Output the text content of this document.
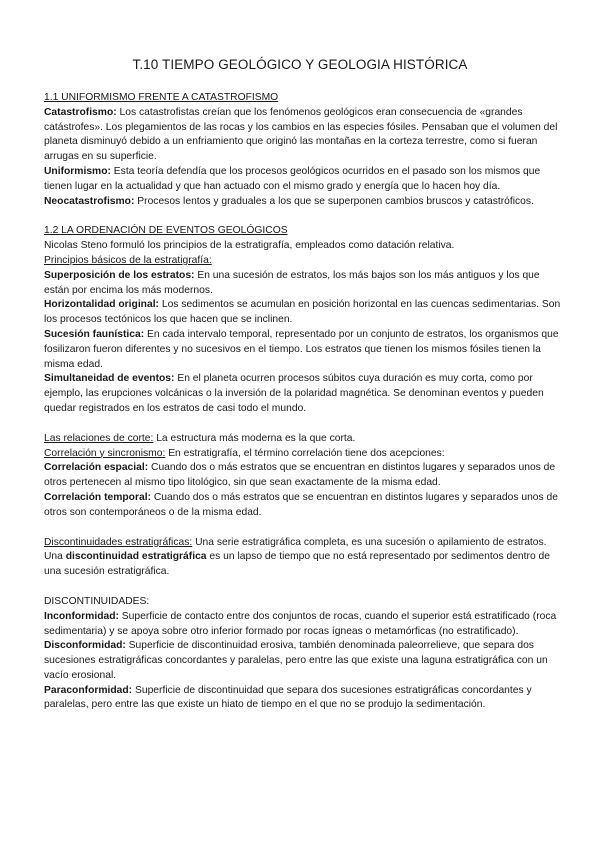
T.10 TIEMPO GEOLÓGICO Y GEOLOGIA HISTÓRICA

1.1 UNIFORMISMO FRENTE A CATASTROFISMO

Catastrofismo: Los catastrofistas creían que los fenómenos geológicos eran consecuencia de «grandes catástrofes». Los plegamientos de las rocas y los cambios en las especies fósiles. Pensaban que el volumen del planeta disminuyó debido a un enfriamiento que originó las montañas en la corteza terrestre, como si fueran arrugas en su superficie.

Uniformismo: Esta teoría defendía que los procesos geológicos ocurridos en el pasado son los mismos que tienen lugar en la actualidad y que han actuado con el mismo grado y energía que lo hacen hoy día.

Neocatastrofismo: Procesos lentos y graduales a los que se superponen cambios bruscos y catastróficos.

1.2 LA ORDENACIÓN DE EVENTOS GEOLÓGICOS

Nicolas Steno formuló los principios de la estratigrafía, empleados como datación relativa.

Principios básicos de la estratigrafía:

Superposición de los estratos: En una sucesión de estratos, los más bajos son los más antiguos y los que están por encima los más modernos.

Horizontalidad original: Los sedimentos se acumulan en posición horizontal en las cuencas sedimentarias. Son los procesos tectónicos los que hacen que se inclinen.

Sucesión faunística: En cada intervalo temporal, representado por un conjunto de estratos, los organismos que fosilizaron fueron diferentes y no sucesivos en el tiempo. Los estratos que tienen los mismos fósiles tienen la misma edad.

Simultaneidad de eventos: En el planeta ocurren procesos súbitos cuya duración es muy corta, como por ejemplo, las erupciones volcánicas o la inversión de la polaridad magnética. Se denominan eventos y pueden quedar registrados en los estratos de casi todo el mundo.

Las relaciones de corte: La estructura más moderna es la que corta.

Correlación y sincronismo: En estratigrafía, el término correlación tiene dos acepciones:

Correlación espacial: Cuando dos o más estratos que se encuentran en distintos lugares y separados unos de otros pertenecen al mismo tipo litológico, sin que sean exactamente de la misma edad.

Correlación temporal: Cuando dos o más estratos que se encuentran en distintos lugares y separados unos de otros son contemporáneos o de la misma edad.

Discontinuidades estratigráficas: Una serie estratigráfica completa, es una sucesión o apilamiento de estratos.

Una discontinuidad estratigráfica es un lapso de tiempo que no está representado por sedimentos dentro de una sucesión estratigráfica.

DISCONTINUIDADES:

Inconformidad: Superficie de contacto entre dos conjuntos de rocas, cuando el superior está estratificado (roca sedimentaria) y se apoya sobre otro inferior formado por rocas ígneas o metamórficas (no estratificado).

Disconformidad: Superficie de discontinuidad erosiva, también denominada paleorrelieve, que separa dos sucesiones estratigráficas concordantes y paralelas, pero entre las que existe una laguna estratigráfica con un vacío erosional.

Paraconformidad: Superficie de discontinuidad que separa dos sucesiones estratigráficas concordantes y paralelas, pero entre las que existe un hiato de tiempo en el que no se produjo la sedimentación.
